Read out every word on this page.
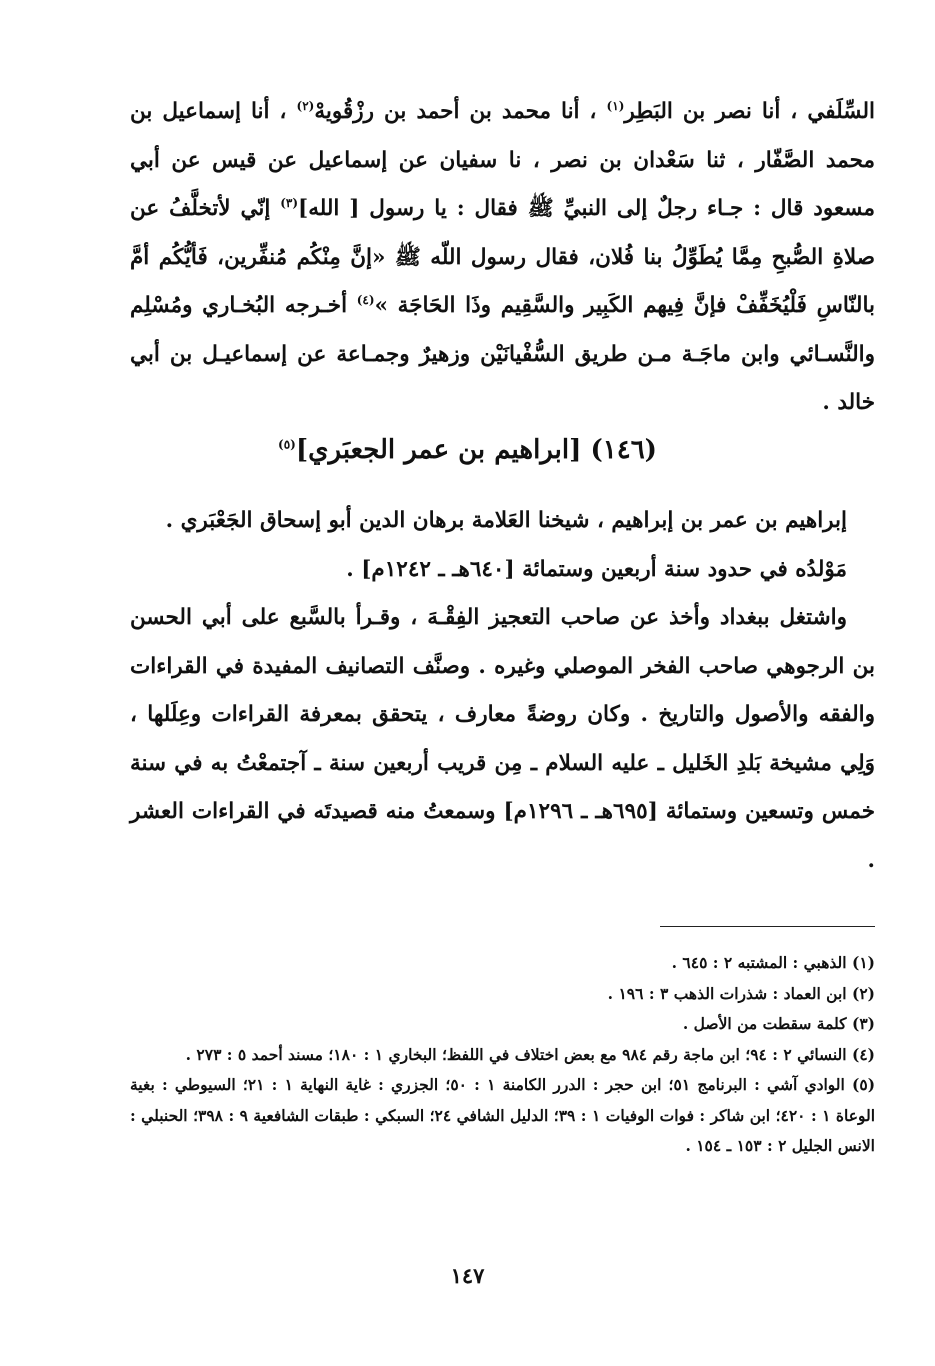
السِّلَفي ، أنا نصر بن البَطِر$^{(١)}$ ، أنا محمد بن أحمد بن رزْقُويهْ$^{(٢)}$ ، أنا إسماعيل بن محمد الصَّفّار ، ثنا سَعْدان بن نصر ، نا سفيان عن إسماعيل عن قيس عن أبي مسعود قال : جـاء رجلٌ إلى النبيِّ ﷺ فقال : يا رسول [ الله]$^{(٣)}$ إنّي لأتخلَّفُ عن صلاةِ الصُّبحِ مِمَّا يُطَوِّلُ بنا فُلان، فقال رسول اللّه ﷺ «إنَّ مِنْكُم مُنفِّرين، فَأيُّكُم أمَّ بالنّاسِ فَلْيُخَفِّفْ فإنَّ فِيهم الكَبِير والسَّقِيم وذَا الحَاجَة »$^{(٤)}$ أخـرجه البُخـاري ومُسْلِم والنَّسـائي وابن ماجَـة مـن طريق السُّفْيانَيْن وزهيرٌ وجمـاعة عن إسماعيـل بن أبي خالد .

(١٤٦) [ابراهيم بن عمر الجعبَري]$^{(٥)}$

إبراهيم بن عمر بن إبراهيم ، شيخنا العَلامة برهان الدين أبو إسحاق الجَعْبَري .

مَوْلدُه في حدود سنة أربعين وستمائة [٦٤٠هـ ـ ١٢٤٢م] .

واشتغل ببغداد وأخذ عن صاحب التعجيز الفِقْـهَ ، وقـرأ بالسَّبع على أبي الحسن بن الرجوهي صاحب الفخر الموصلي وغيره . وصنَّف التصانيف المفيدة في القراءات والفقه والأصول والتاريخ . وكان روضةً معارف ، يتحقق بمعرفة القراءات وعِلَلها ، وَلِي مشيخة بَلدِ الخَليل ـ عليه السلام ـ مِن قريب أربعين سنة ـ آجتمعْتُ به في سنة خمس وتسعين وستمائة [٦٩٥هـ ـ ١٢٩٦م] وسمعتُ منه قصيدتَه في القراءات العشر .

(١) الذهبي : المشتبه ٢ : ٦٤٥ .

(٢) ابن العماد : شذرات الذهب ٣ : ١٩٦ .

(٣) كلمة سقطت من الأصل .

(٤) النسائي ٢ : ٩٤؛ ابن ماجة رقم ٩٨٤ مع بعض اختلاف في اللفظ؛ البخاري ١ : ١٨٠؛ مسند أحمد ٥ : ٢٧٣ .

(٥) الوادي آشي : البرنامج ٥١؛ ابن حجر : الدرر الكامنة ١ : ٥٠؛ الجزري : غاية النهاية ١ : ٢١؛ السيوطي : بغية الوعاة ١ : ٤٢٠؛ ابن شاكر : فوات الوفيات ١ : ٣٩؛ الدليل الشافي ٢٤؛ السبكي : طبقات الشافعية ٩ : ٣٩٨؛ الحنبلي : الانس الجليل ٢ : ١٥٣ ـ ١٥٤ .

١٤٧
